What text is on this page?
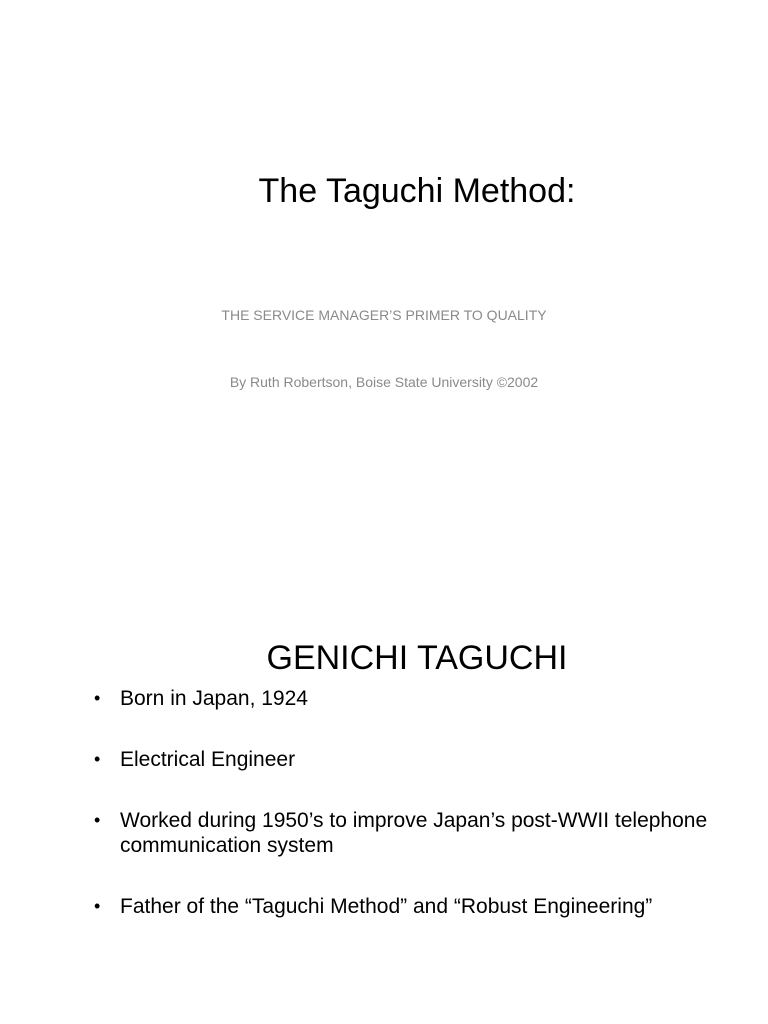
The Taguchi Method:
THE SERVICE MANAGER’S PRIMER TO QUALITY
By Ruth Robertson, Boise State University ©2002
GENICHI TAGUCHI
• Born in Japan, 1924
• Electrical Engineer
• Worked during 1950’s to improve Japan’s post-WWII telephone communication system
• Father of the “Taguchi Method” and “Robust Engineering”
